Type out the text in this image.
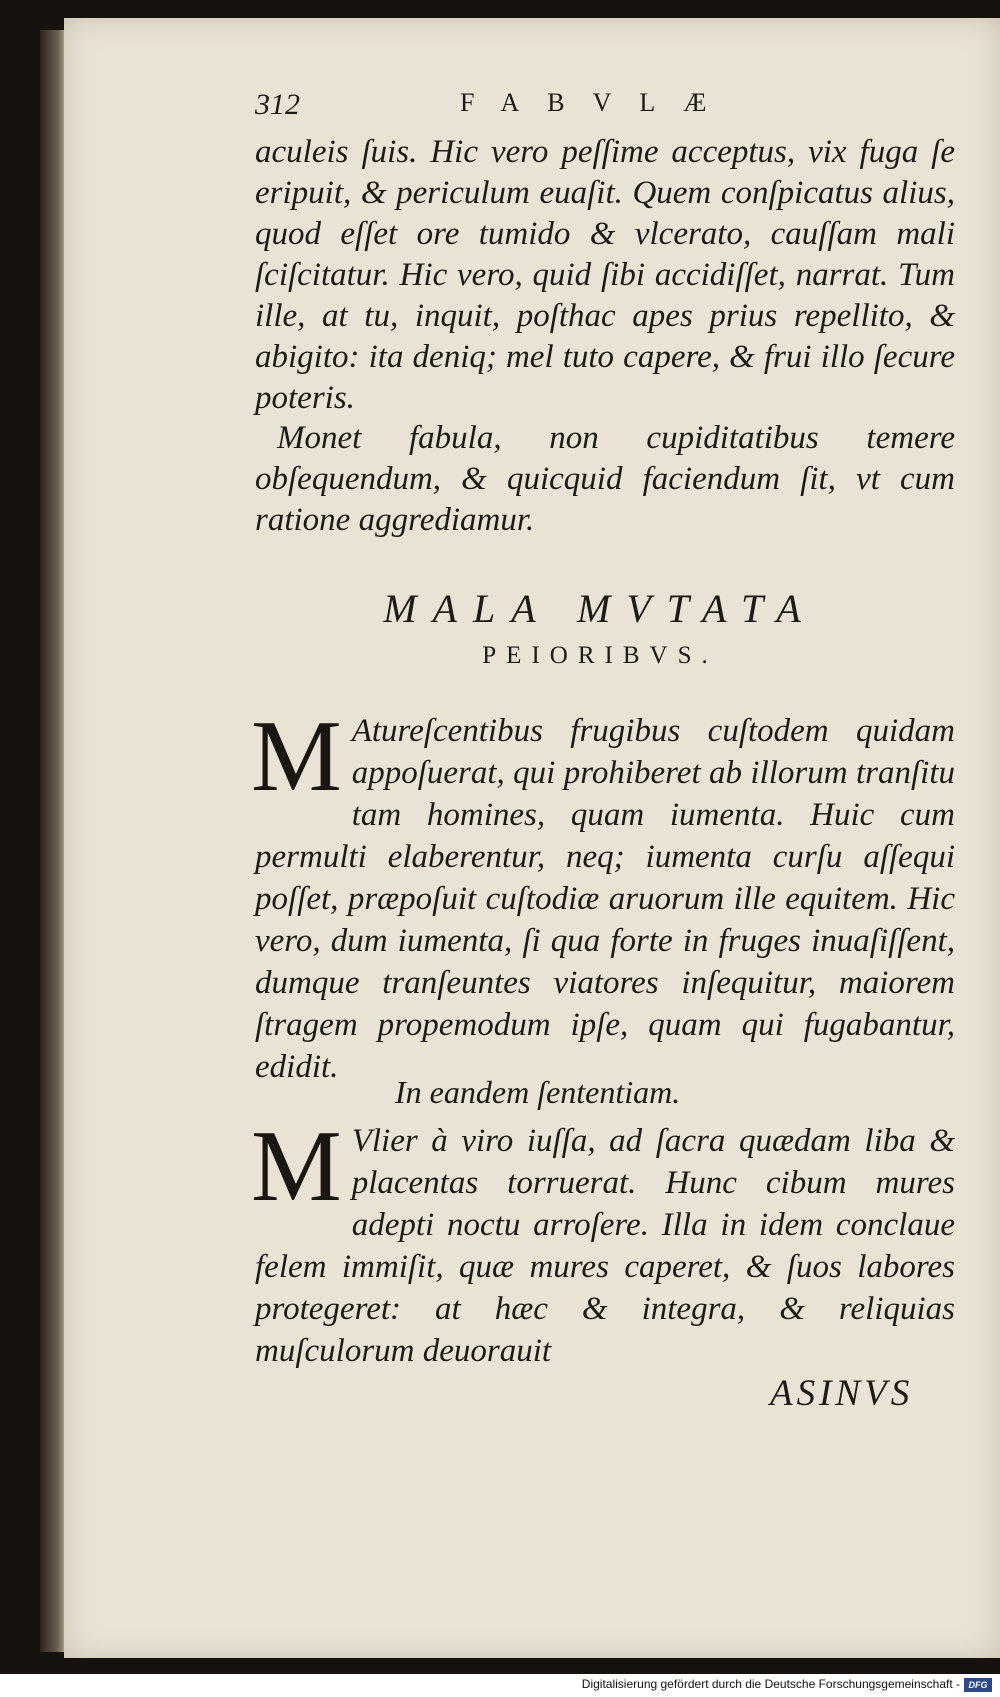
312	FABVLÆ

aculeis ſuis. Hic vero peſſime acceptus, vix fuga ſe eripuit, & periculum euaſit. Quem conſpicatus alius, quod eſſet ore tumido & vlcerato, cauſſam mali ſciſcitatur. Hic vero, quid ſibi accidiſſet, narrat. Tum ille, at tu, inquit, poſthac apes prius repellito, & abigito: ita deniq; mel tuto capere, & frui illo ſecure poteris.

Monet fabula, non cupiditatibus temere obſequendum, & quicquid faciendum ſit, vt cum ratione aggrediamur.

MALA MVTATA
PEIORIBVS.

M Atureſcentibus frugibus cuſtodem quidam appoſuerat, qui prohiberet ab illorum tranſitu tam homines, quam iumenta. Huic cum permulti elaberentur, neq; iumenta curſu aſſequi poſſet, præpoſuit cuſtodiæ aruorum ille equitem. Hic vero, dum iumenta, ſi qua forte in fruges inuaſiſſent, dumque tranſeuntes viatores inſequitur, maiorem ſtragem propemodum ipſe, quam qui fugabantur, edidit.

In eandem ſententiam.

M Vlier à viro iuſſa, ad ſacra quædam liba & placentas torruerat. Hunc cibum mures adepti noctu arroſere. Illa in idem conclaue felem immiſit, quæ mures caperet, & ſuos labores protegeret: at hæc & integra, & reliquias muſculorum deuorauit

ASINVS
Digitalisierung gefördert durch die Deutsche Forschungsgemeinschaft - DFG
